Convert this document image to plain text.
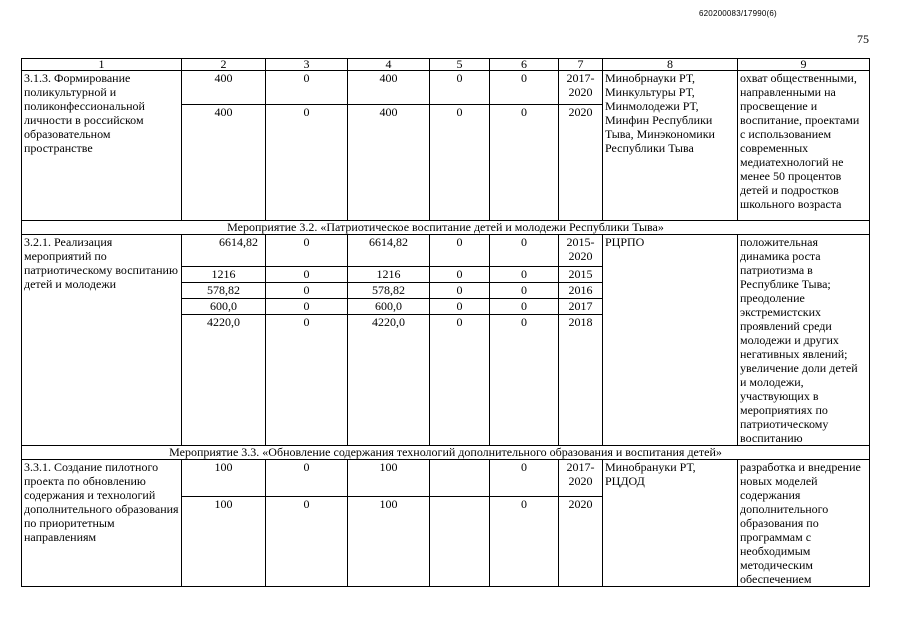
620200083/17990(6)
75
1	2	3	4	5	6	7	8	9
3.1.3. Формирование поликультурной и поликонфессиональной личности в российском образовательном пространстве	400	0	400	0	0	2017-2020	Минобрнауки РТ, Минкультуры РТ, Минмолодежи РТ, Минфин Республики Тыва, Минэкономики Республики Тыва	охват общественными, направленными на просвещение и воспитание, проектами с использованием современных медиатехнологий не менее 50 процентов детей и подростков школьного возраста
	400	0	400	0	0	2020		
Мероприятие 3.2. «Патриотическое воспитание детей и молодежи Республики Тыва»								
3.2.1. Реализация мероприятий по патриотическому воспитанию детей и молодежи	6614,82	0	6614,82	0	0	2015-2020	РЦРПО	положительная динамика роста патриотизма в Республике Тыва; преодоление экстремистских проявлений среди молодежи и других негативных явлений; увеличение доли детей и молодежи, участвующих в мероприятиях по патриотическому воспитанию
	1216	0	1216	0	0	2015		
	578,82	0	578,82	0	0	2016		
	600,0	0	600,0	0	0	2017		
	4220,0	0	4220,0	0	0	2018		
Мероприятие 3.3. «Обновление содержания технологий дополнительного образования и воспитания детей»								
3.3.1. Создание пилотного проекта по обновлению содержания и технологий дополнительного образования по приоритетным направлениям	100	0	100		0	2017-2020	Минобрануки РТ, РЦДОД	разработка и внедрение новых моделей содержания дополнительного образования по программам с необходимым методическим обеспечением
	100	0	100		0	2020		
